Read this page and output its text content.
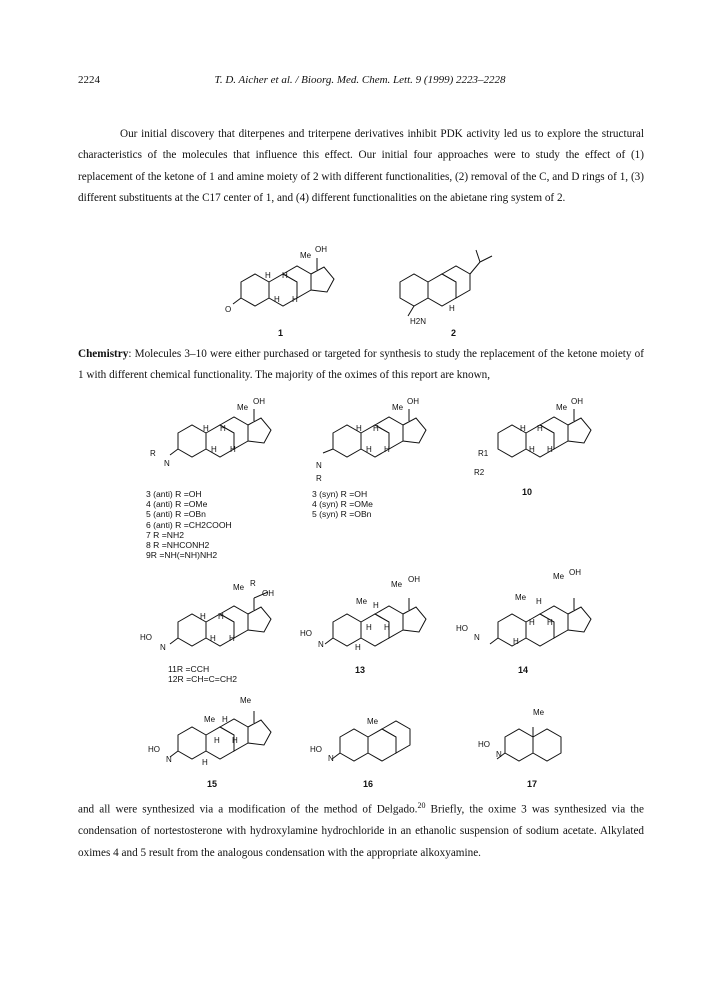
2224	T. D. Aicher et al. / Bioorg. Med. Chem. Lett. 9 (1999) 2223–2228
Our initial discovery that diterpenes and triterpene derivatives inhibit PDK activity led us to explore the structural characteristics of the molecules that influence this effect. Our initial four approaches were to study the effect of (1) replacement of the ketone of 1 and amine moiety of 2 with different functionalities, (2) removal of the C, and D rings of 1, (3) different substituents at the C17 center of 1, and (4) different functionalities on the abietane ring system of 2.
Chemistry: Molecules 3–10 were either purchased or targeted for synthesis to study the replacement of the ketone moiety of 1 with different chemical functionality. The majority of the oximes of this report are known,
and all were synthesized via a modification of the method of Delgado.$^{20}$ Briefly, the oxime 3 was synthesized via the condensation of nortestosterone with hydroxylamine hydrochloride in an ethanolic suspension of sodium acetate. Alkylated oximes 4 and 5 result from the analogous condensation with the appropriate alkoxyamine.
O
Me
OH
H H
H H
H2N
H
1	2
R
N
Me
OH
H H
H H
N
R
Me
OH
H H
H H	R1
R2
Me
OH
H H
H H
10
HO
N
Me R
OH
H H
H H
HO
N
Me
OH
Me H
H H
H
HO
N
Me OH
Me H
H H
H
HO
N
Me
Me H
H H
H
HO
N
Me
HO
N
Me
15	16	17
13	14
3 (anti) R =OH
4 (anti) R =OMe
5 (anti) R =OBn
6 (anti) R =CH2COOH
7 R =NH2
8 R =NHCONH2
9R =NH(=NH)NH2
3 (syn) R =OH
4 (syn) R =OMe
5 (syn) R =OBn
11R =CCH
12R =CH=C=CH2
